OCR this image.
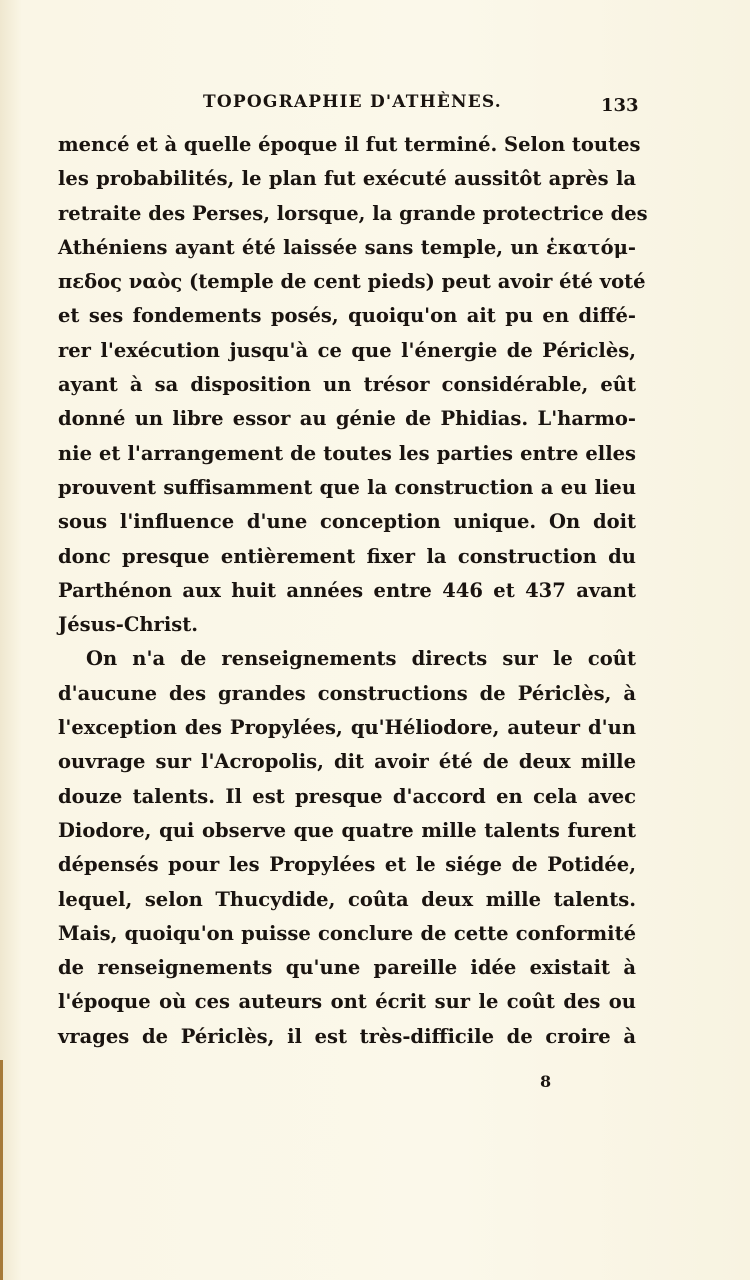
TOPOGRAPHIE D'ATHÈNES.	133
mencé et à quelle époque il fut terminé. Selon toutes
les probabilités, le plan fut exécuté aussitôt après la
retraite des Perses, lorsque, la grande protectrice des
Athéniens ayant été laissée sans temple, un ἑκατόμ-
πεδος ναὸς (temple de cent pieds) peut avoir été voté
et ses fondements posés, quoiqu'on ait pu en diffé-
rer l'exécution jusqu'à ce que l'énergie de Périclès,
ayant à sa disposition un trésor considérable, eût
donné un libre essor au génie de Phidias. L'harmo-
nie et l'arrangement de toutes les parties entre elles
prouvent suffisamment que la construction a eu lieu
sous l'influence d'une conception unique. On doit
donc presque entièrement fixer la construction du
Parthénon aux huit années entre 446 et 437 avant
Jésus-Christ.
On n'a de renseignements directs sur le coût
d'aucune des grandes constructions de Périclès, à
l'exception des Propylées, qu'Héliodore, auteur d'un
ouvrage sur l'Acropolis, dit avoir été de deux mille
douze talents. Il est presque d'accord en cela avec
Diodore, qui observe que quatre mille talents furent
dépensés pour les Propylées et le siége de Potidée,
lequel, selon Thucydide, coûta deux mille talents.
Mais, quoiqu'on puisse conclure de cette conformité
de renseignements qu'une pareille idée existait à
l'époque où ces auteurs ont écrit sur le coût des ou
vrages de Périclès, il est très-difficile de croire à
8
